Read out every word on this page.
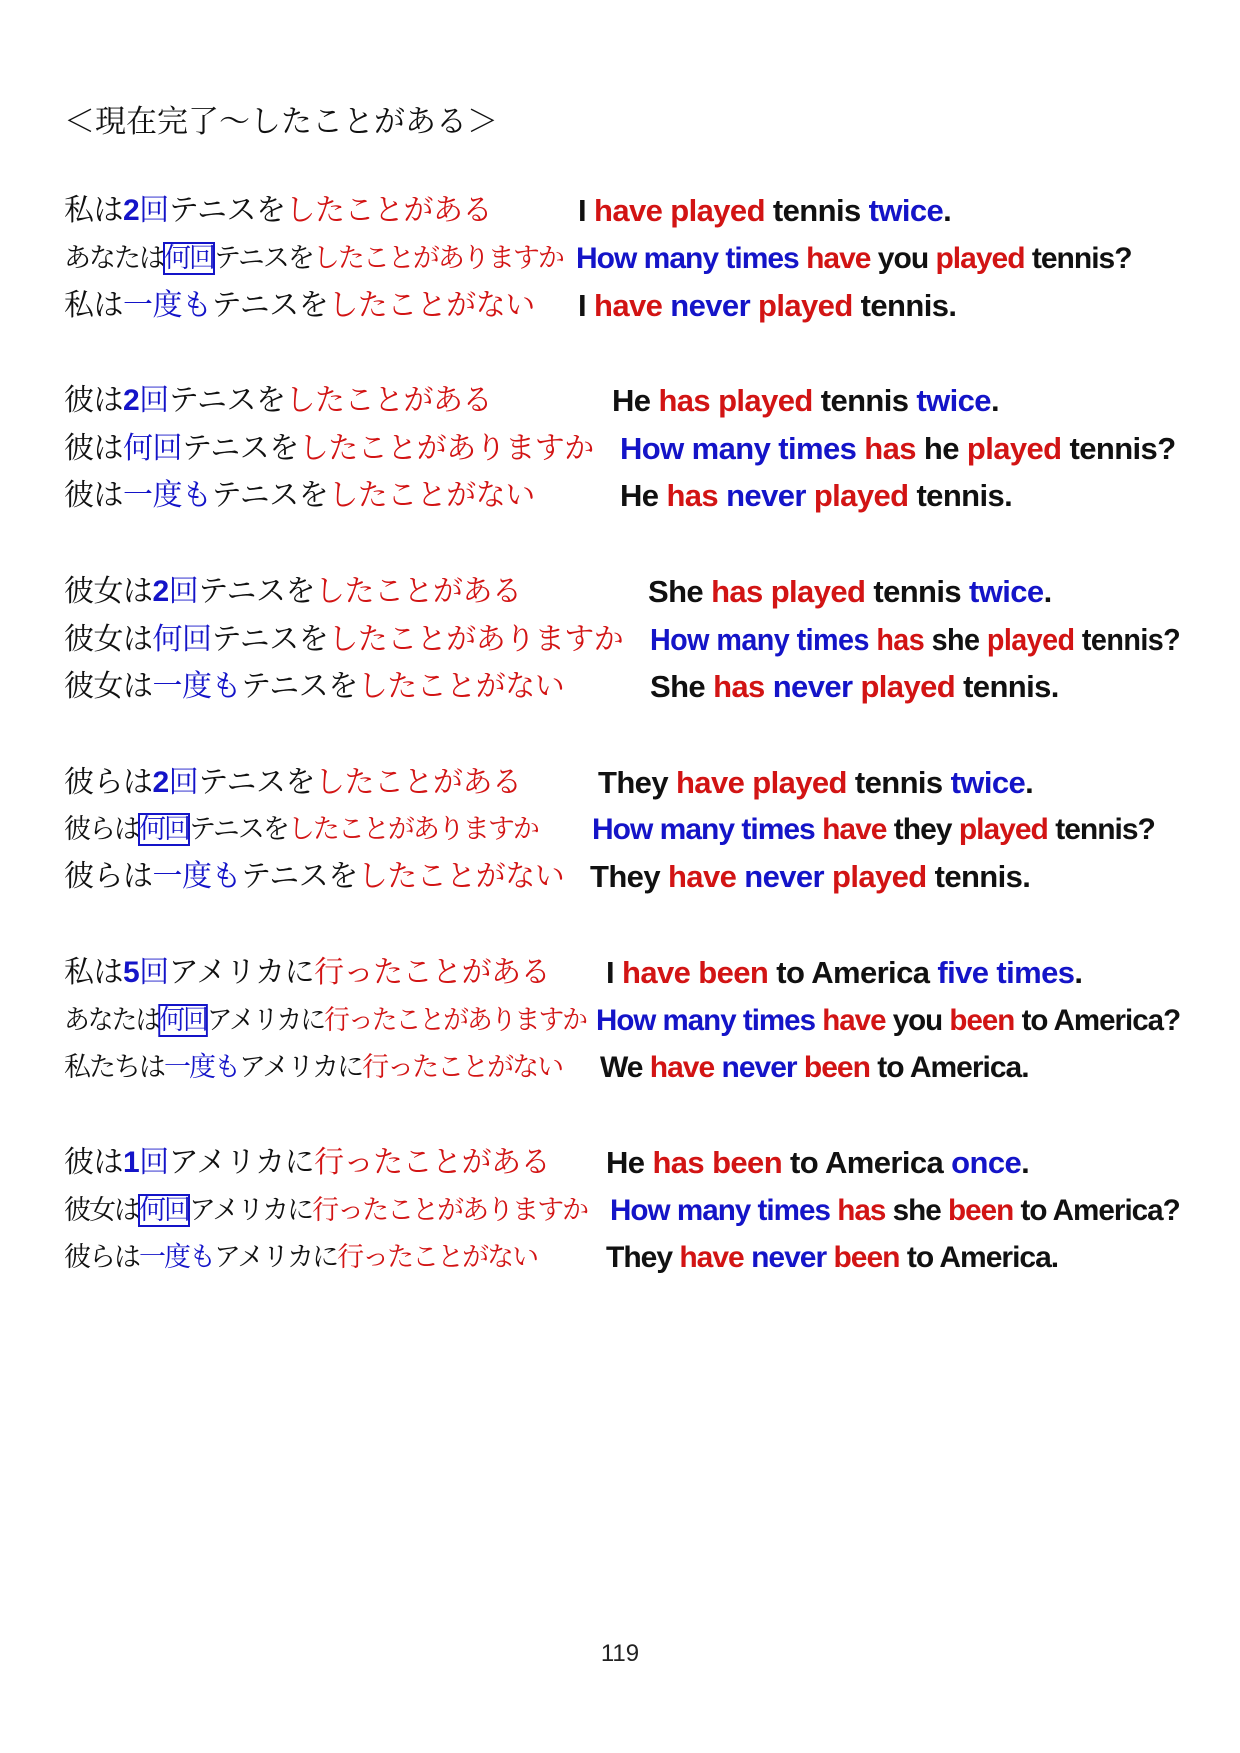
＜現在完了～したことがある＞
私は2回テニスをしたことがある	I have played tennis twice.
あなたは何回テニスをしたことがありますか How many times have you played tennis?
私は一度もテニスをしたことがない I have never played tennis.
彼は2回テニスをしたことがある	He has played tennis twice.
彼は何回テニスをしたことがありますか How many times has he played tennis?
彼は一度もテニスをしたことがない	He has never played tennis.
彼女は2回テニスをしたことがある	She has played tennis twice.
彼女は何回テニスをしたことがありますか How many times has she played tennis?
彼女は一度もテニスをしたことがない	She has never played tennis.
彼らは2回テニスをしたことがある They have played tennis twice.
彼らは何回テニスをしたことがありますか How many times have they played tennis?
彼らは一度もテニスをしたことがない They have never played tennis.
私は5回アメリカに行ったことがある I have been to America five times.
あなたは何回アメリカに行ったことがありますか How many times have you been to America?
私たちは一度もアメリカに行ったことがない We have never been to America.
彼は1回アメリカに行ったことがある He has been to America once.
彼女は何回アメリカに行ったことがありますか How many times has she been to America?
彼らは一度もアメリカに行ったことがない They have never been to America.
119
